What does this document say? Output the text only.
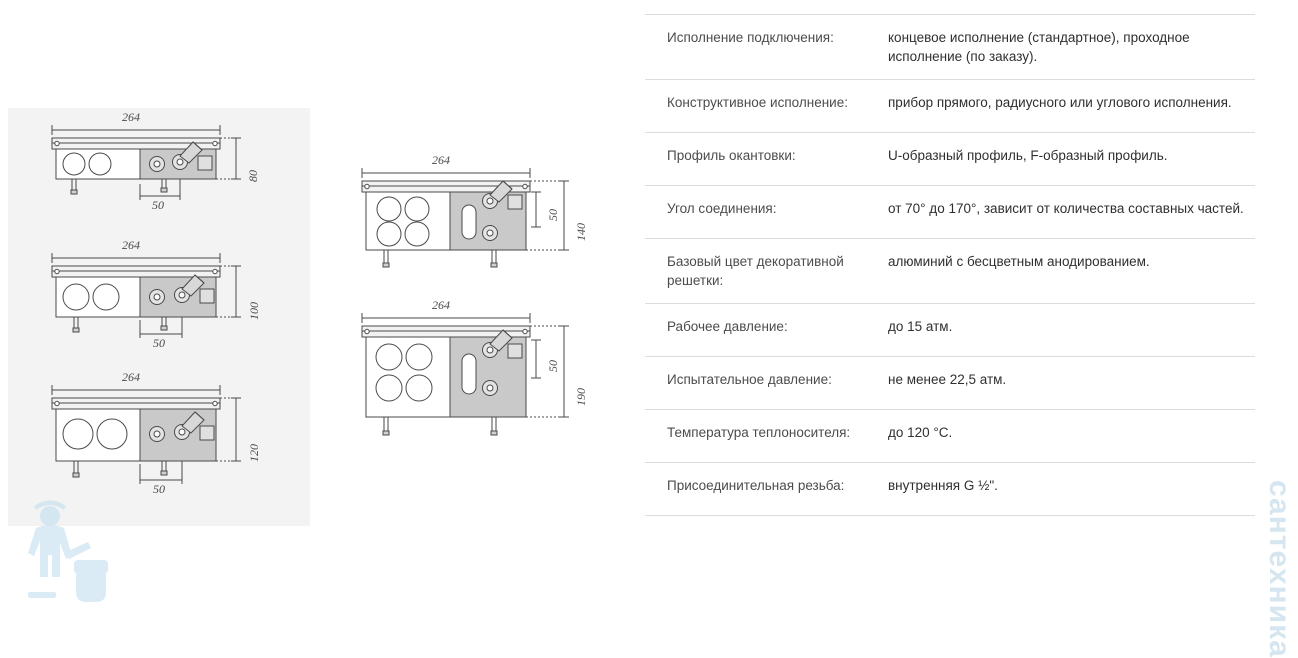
264
80
50
264
100
50
264
120
50
264
50
140
264
50
190
Исполнение подключения:	концевое исполнение (стандартное), проходное исполнение (по заказу).
Конструктивное исполнение:	прибор прямого, радиусного или углового исполнения.
Профиль окантовки:	U-образный профиль, F-образный профиль.
Угол соединения:	от 70° до 170°, зависит от количества составных частей.
Базовый цвет декоративной решетки:
алюминий с бесцветным анодированием.
Рабочее давление:	до 15 атм.
Испытательное давление:	не менее 22,5 атм.
Температура теплоносителя:	до 120 °C.
Присоединительная резьба:	внутренняя G ½".	сантехника
